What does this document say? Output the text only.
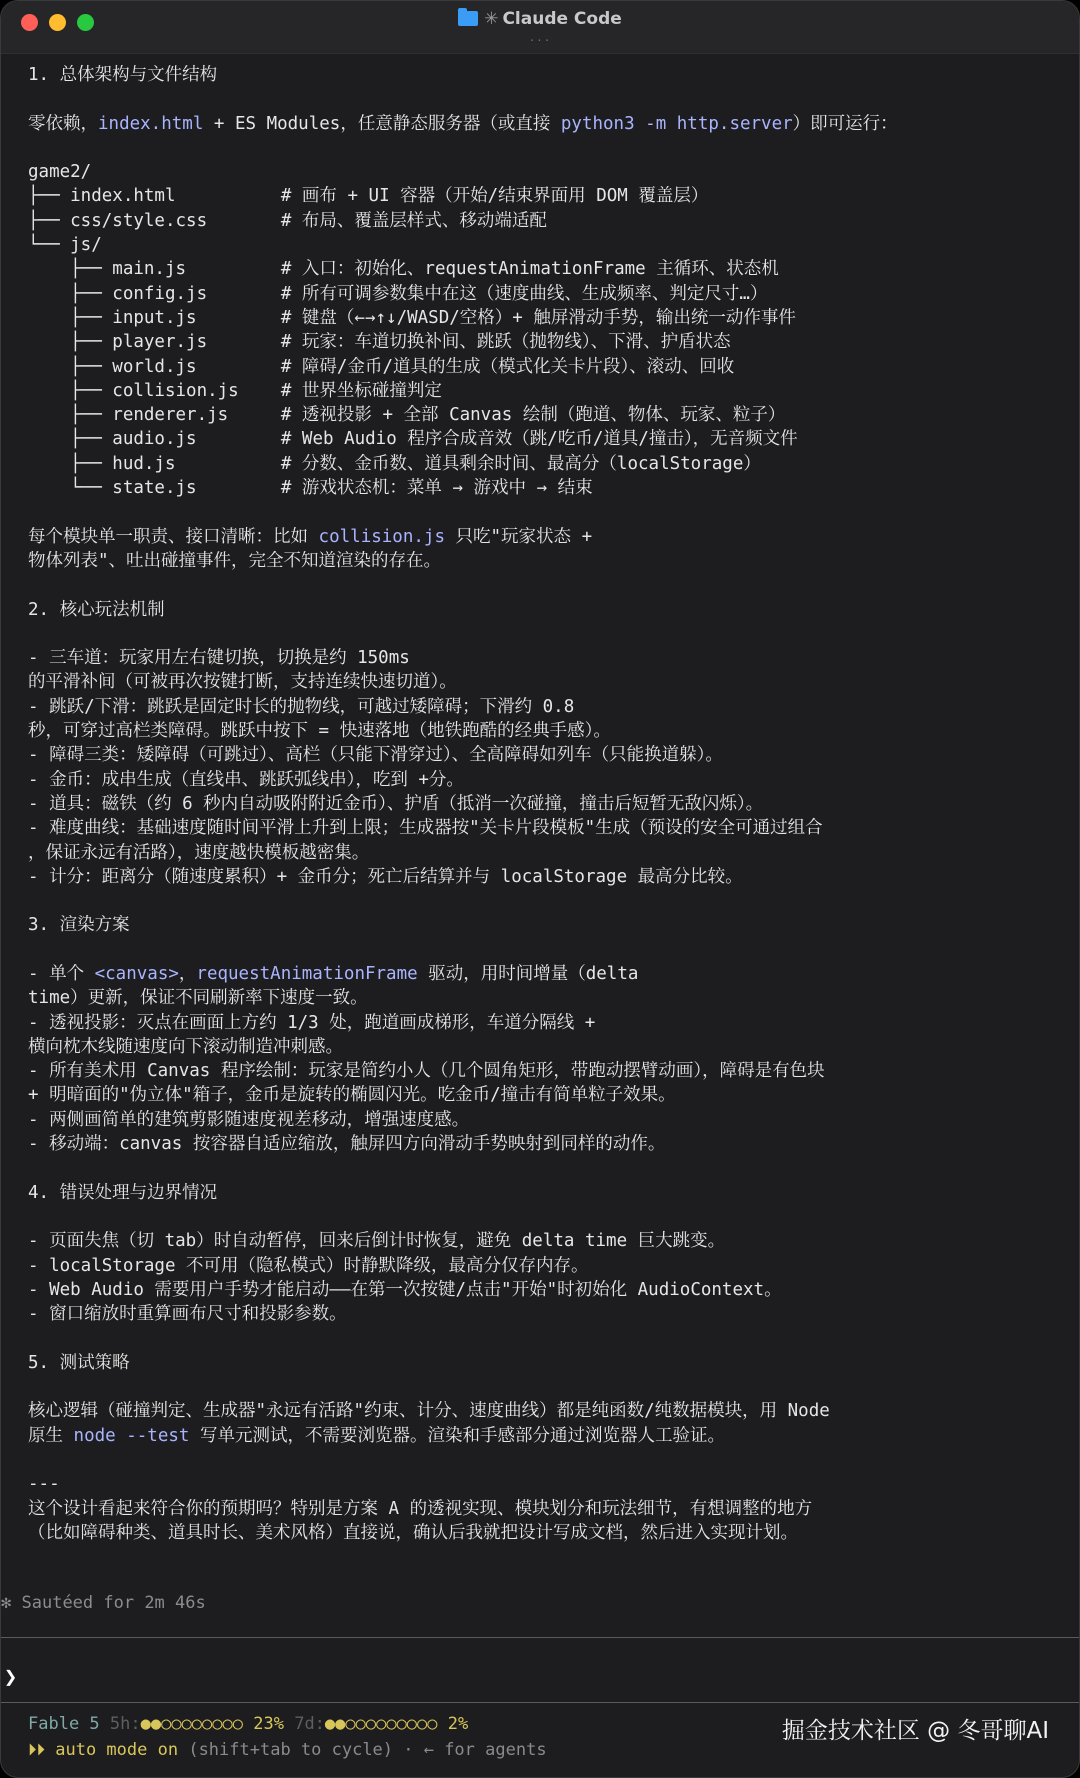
✳ Claude Code
···
1. 总体架构与文件结构
零依赖，index.html + ES Modules，任意静态服务器（或直接 python3 -m http.server）即可运行：
game2/
├── index.html          # 画布 + UI 容器（开始/结束界面用 DOM 覆盖层）
├── css/style.css       # 布局、覆盖层样式、移动端适配
└── js/
├── main.js         # 入口：初始化、requestAnimationFrame 主循环、状态机
├── config.js       # 所有可调参数集中在这（速度曲线、生成频率、判定尺寸…）
├── input.js        # 键盘（←→↑↓/WASD/空格）+ 触屏滑动手势，输出统一动作事件
├── player.js       # 玩家：车道切换补间、跳跃（抛物线）、下滑、护盾状态
├── world.js        # 障碍/金币/道具的生成（模式化关卡片段）、滚动、回收
├── collision.js    # 世界坐标碰撞判定
├── renderer.js     # 透视投影 + 全部 Canvas 绘制（跑道、物体、玩家、粒子）
├── audio.js        # Web Audio 程序合成音效（跳/吃币/道具/撞击），无音频文件
├── hud.js          # 分数、金币数、道具剩余时间、最高分（localStorage）
└── state.js        # 游戏状态机：菜单 → 游戏中 → 结束
每个模块单一职责、接口清晰：比如 collision.js 只吃"玩家状态 +
物体列表"、吐出碰撞事件，完全不知道渲染的存在。
2. 核心玩法机制
- 三车道：玩家用左右键切换，切换是约 150ms
的平滑补间（可被再次按键打断，支持连续快速切道）。
- 跳跃/下滑：跳跃是固定时长的抛物线，可越过矮障碍；下滑约 0.8
秒，可穿过高栏类障碍。跳跃中按下 = 快速落地（地铁跑酷的经典手感）。
- 障碍三类：矮障碍（可跳过）、高栏（只能下滑穿过）、全高障碍如列车（只能换道躲）。
- 金币：成串生成（直线串、跳跃弧线串），吃到 +分。
- 道具：磁铁（约 6 秒内自动吸附附近金币）、护盾（抵消一次碰撞，撞击后短暂无敌闪烁）。
- 难度曲线：基础速度随时间平滑上升到上限；生成器按"关卡片段模板"生成（预设的安全可通过组合
，保证永远有活路），速度越快模板越密集。
- 计分：距离分（随速度累积）+ 金币分；死亡后结算并与 localStorage 最高分比较。
3. 渲染方案
- 单个 <canvas>，requestAnimationFrame 驱动，用时间增量（delta
time）更新，保证不同刷新率下速度一致。
- 透视投影：灭点在画面上方约 1/3 处，跑道画成梯形，车道分隔线 +
横向枕木线随速度向下滚动制造冲刺感。
- 所有美术用 Canvas 程序绘制：玩家是简约小人（几个圆角矩形，带跑动摆臂动画），障碍是有色块
+ 明暗面的"伪立体"箱子，金币是旋转的椭圆闪光。吃金币/撞击有简单粒子效果。
- 两侧画简单的建筑剪影随速度视差移动，增强速度感。
- 移动端：canvas 按容器自适应缩放，触屏四方向滑动手势映射到同样的动作。
4. 错误处理与边界情况
- 页面失焦（切 tab）时自动暂停，回来后倒计时恢复，避免 delta time 巨大跳变。
- localStorage 不可用（隐私模式）时静默降级，最高分仅存内存。
- Web Audio 需要用户手势才能启动——在第一次按键/点击"开始"时初始化 AudioContext。
- 窗口缩放时重算画布尺寸和投影参数。
5. 测试策略
核心逻辑（碰撞判定、生成器"永远有活路"约束、计分、速度曲线）都是纯函数/纯数据模块，用 Node
原生 node --test 写单元测试，不需要浏览器。渲染和手感部分通过浏览器人工验证。
---
这个设计看起来符合你的预期吗？特别是方案 A 的透视实现、模块划分和玩法细节，有想调整的地方
（比如障碍种类、道具时长、美术风格）直接说，确认后我就把设计写成文档，然后进入实现计划。
✻ Sautéed for 2m 46s
❯
Fable 5 5h:●●○○○○○○○○ 23% 7d:●●○○○○○○○○○ 2%
⏵⏵ auto mode on (shift+tab to cycle) · ← for agents
掘金技术社区 @ 冬哥聊AI
